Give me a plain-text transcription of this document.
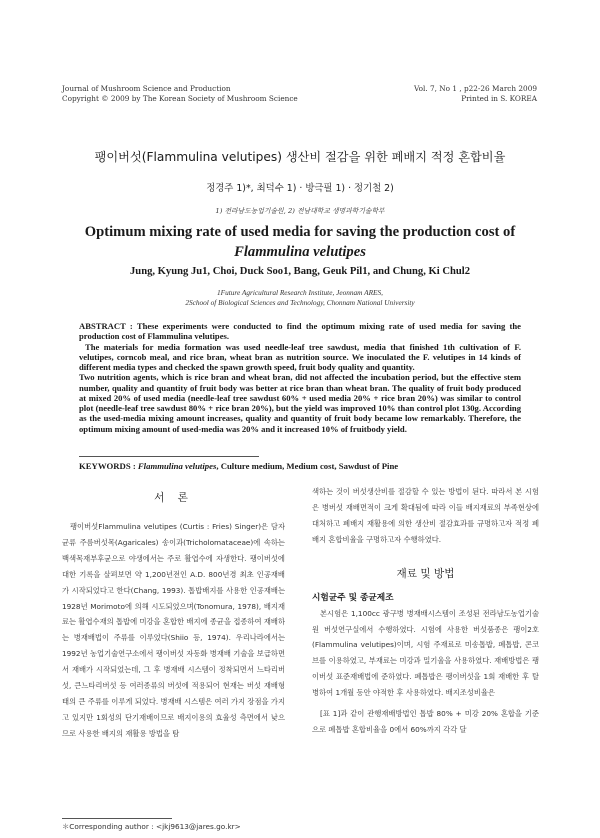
Journal of Mushroom Science and Production
Copyright © 2009 by The Korean Society of Mushroom Science
Vol. 7, No 1 , p22-26 March 2009
Printed in S. KOREA
팽이버섯(Flammulina velutipes) 생산비 절감을 위한 폐배지 적정 혼합비율
정경주 1)*, 최덕수 1) · 방극필 1) · 정기철 2)
1) 전라남도농업기술원, 2) 전남대학교 생명과학기술학부
Optimum mixing rate of used media for saving the production cost of
Flammulina velutipes
Jung, Kyung Ju1, Choi, Duck Soo1, Bang, Geuk Pil1, and Chung, Ki Chul2
1Future Agricultural Research Institute, Jeonnam ARES,
2School of Biological Sciences and Technology, Chonnam National University

ABSTRACT : These experiments were conducted to find the optimum mixing rate of used media for saving the production cost of Flammulina velutipes.

The materials for media formation was used needle-leaf tree sawdust, media that finished 1th cultivation of F. velutipes, corncob meal, and rice bran, wheat bran as nutrition source. We inoculated the F. velutipes in 14 kinds of different media types and checked the spawn growth speed, fruit body quality and quantity.

Two nutrition agents, which is rice bran and wheat bran, did not affected the incubation period, but the effective stem number, quality and quantity of fruit body was better at rice bran than wheat bran. The quality of fruit body produced at mixed 20% of used media (needle-leaf tree sawdust 60% + used media 20% + rice bran 20%) was similar to control plot (needle-leaf tree sawdust 80% + rice bran 20%), but the yield was improved 10% than control plot 130g. According as the used-media mixing amount increases, quality and quantity of fruit body became low remarkably. Therefore, the optimum mixing amount of used-media was 20% and it increased 10% of fruitbody yield.

KEYWORDS : Flammulina velutipes, Culture medium, Medium cost, Sawdust of Pine
서 론
팽이버섯Flammulina velutipes (Curtis : Fries) Singer)은 담자균류 주름버섯목(Agaricales) 송이과(Tricholomataceae)에 속하는 백색목재부후균으로 야생에서는 주로 활엽수에 자생한다. 팽이버섯에 대한 기록을 살펴보면 약 1,200년전인 A.D. 800년경 최초 인공재배가 시작되었다고 한다(Chang, 1993). 톱밥배지를 사용한 인공재배는 1928년 Morimoto에 의해 시도되었으며(Tonomura, 1978), 배지재료는 활엽수재의 톱밥에 미강을 혼합한 배지에 종균을 접종하여 재배하는 병재배법이 주류를 이루었다(Shiio 등, 1974). 우리나라에서는 1992년 농업기술연구소에서 팽이버섯 자동화 병재배 기술을 보급하면서 재배가 시작되었는데, 그 후 병재배 시스템이 정착되면서 느타리버섯, 큰느타리버섯 등 여러종류의 버섯에 적용되어 현재는 버섯 재배형태의 큰 주류를 이루게 되었다. 병재배 시스템은 여러 가지 장점을 가지고 있지만 1회성의 단기재배이므로 배지이용의 효율성 측면에서 낮으므로 사용한 배지의 재활용 방법을 탐
색하는 것이 버섯생산비를 절감할 수 있는 방법이 된다. 따라서 본 시험은 병버섯 재배면적이 크게 확대됨에 따라 이들 배지재료의 부족현상에 대처하고 폐배지 재활용에 의한 생산비 절감효과를 규명하고자 적정 폐배지 혼합비율을 구명하고자 수행하였다.
재료 및 방법
시험균주 및 종균제조
본시험은 1,100cc 광구병 병재배시스템이 조성된 전라남도농업기술원 버섯연구실에서 수행하였다. 시험에 사용한 버섯품종은 팽이2호(Flammulina velutipes)이며, 시험 주재료로 미송톱밥, 폐톱밥, 콘코브를 이용하였고, 부재료는 미강과 밀기울을 사용하였다. 재배방법은 팽이버섯 표준재배법에 준하였다. 폐톱밥은 팽이버섯을 1회 재배한 후 탈병하여 1개월 동안 야적한 후 사용하였다. 배지조성비율은
[표 1]과 같이 관행재배방법인 톱밥 80% + 미강 20% 혼합을 기준으로 폐톱밥 혼합비율을 0에서 60%까지 각각 달
＊Corresponding author : <jkj9613@jares.go.kr>
